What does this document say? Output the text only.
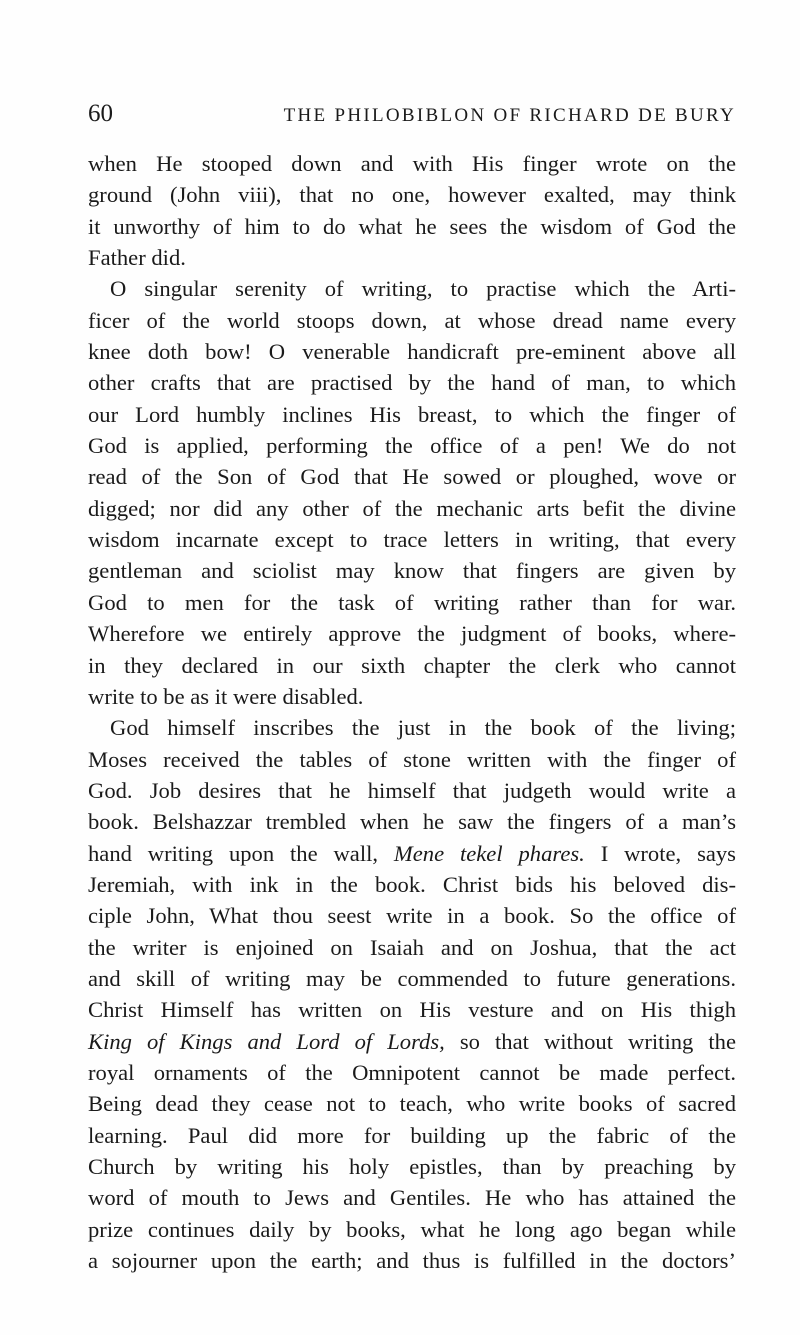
60	THE PHILOBIBLON OF RICHARD DE BURY
when He stooped down and with His finger wrote on the
ground (John viii), that no one, however exalted, may think
it unworthy of him to do what he sees the wisdom of God the
Father did.
O singular serenity of writing, to practise which the Arti-
ficer of the world stoops down, at whose dread name every
knee doth bow! O venerable handicraft pre-eminent above all
other crafts that are practised by the hand of man, to which
our Lord humbly inclines His breast, to which the finger of
God is applied, performing the office of a pen! We do not
read of the Son of God that He sowed or ploughed, wove or
digged; nor did any other of the mechanic arts befit the divine
wisdom incarnate except to trace letters in writing, that every
gentleman and sciolist may know that fingers are given by
God to men for the task of writing rather than for war.
Wherefore we entirely approve the judgment of books, where-
in they declared in our sixth chapter the clerk who cannot
write to be as it were disabled.
God himself inscribes the just in the book of the living;
Moses received the tables of stone written with the finger of
God. Job desires that he himself that judgeth would write a
book. Belshazzar trembled when he saw the fingers of a man’s
hand writing upon the wall, Mene tekel phares. I wrote, says
Jeremiah, with ink in the book. Christ bids his beloved dis-
ciple John, What thou seest write in a book. So the office of
the writer is enjoined on Isaiah and on Joshua, that the act
and skill of writing may be commended to future generations.
Christ Himself has written on His vesture and on His thigh
King of Kings and Lord of Lords, so that without writing the
royal ornaments of the Omnipotent cannot be made perfect.
Being dead they cease not to teach, who write books of sacred
learning. Paul did more for building up the fabric of the
Church by writing his holy epistles, than by preaching by
word of mouth to Jews and Gentiles. He who has attained the
prize continues daily by books, what he long ago began while
a sojourner upon the earth; and thus is fulfilled in the doctors’
